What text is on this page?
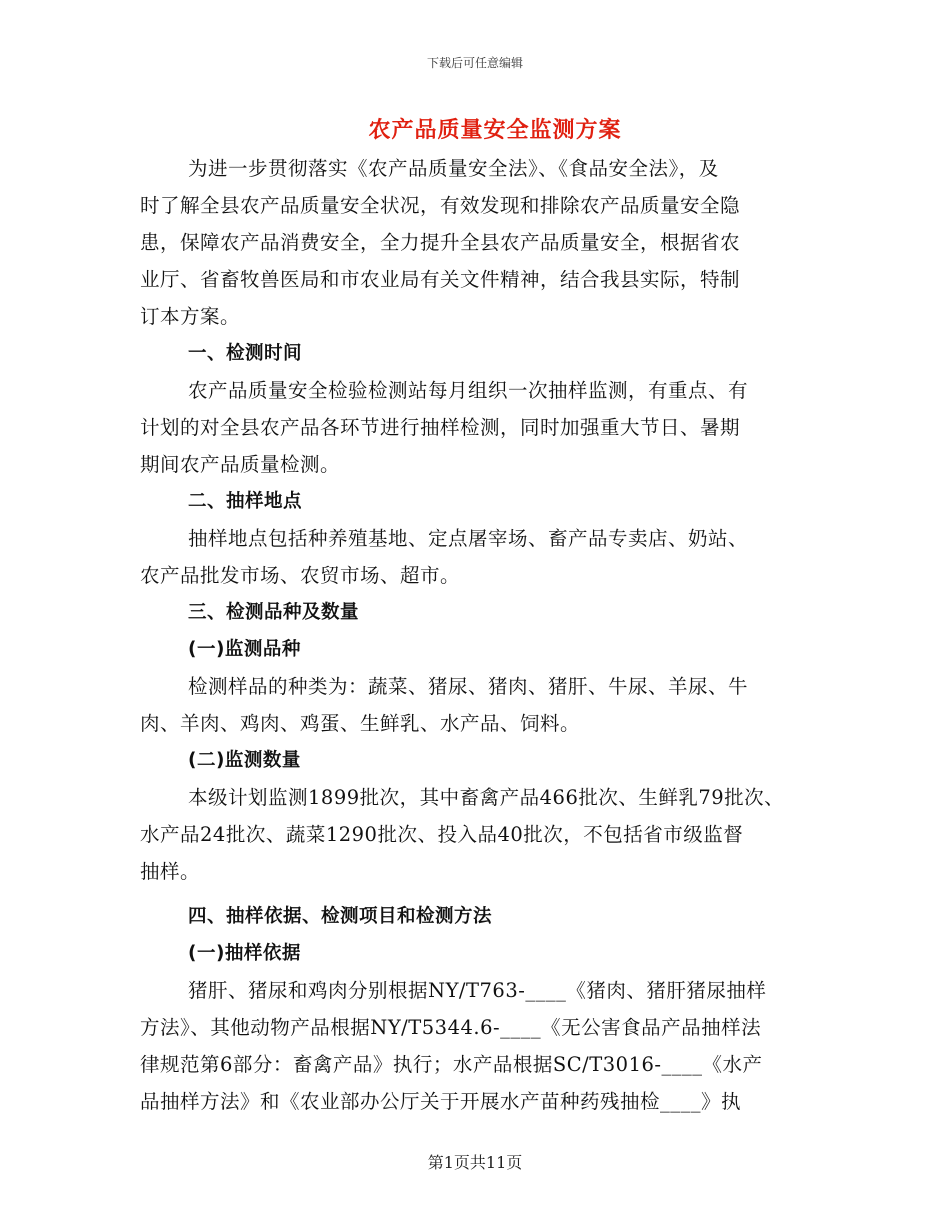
下载后可任意编辑
农产品质量安全监测方案
为进一步贯彻落实《农产品质量安全法》、《食品安全法》，及
时了解全县农产品质量安全状况，有效发现和排除农产品质量安全隐
患，保障农产品消费安全，全力提升全县农产品质量安全，根据省农
业厅、省畜牧兽医局和市农业局有关文件精神，结合我县实际，特制
订本方案。
一、检测时间
农产品质量安全检验检测站每月组织一次抽样监测，有重点、有
计划的对全县农产品各环节进行抽样检测，同时加强重大节日、暑期
期间农产品质量检测。
二、抽样地点
抽样地点包括种养殖基地、定点屠宰场、畜产品专卖店、奶站、
农产品批发市场、农贸市场、超市。
三、检测品种及数量
(一)监测品种
检测样品的种类为：蔬菜、猪尿、猪肉、猪肝、牛尿、羊尿、牛
肉、羊肉、鸡肉、鸡蛋、生鲜乳、水产品、饲料。
(二)监测数量
本级计划监测1899批次，其中畜禽产品466批次、生鲜乳79批次、
水产品24批次、蔬菜1290批次、投入品40批次，不包括省市级监督
抽样。
四、抽样依据、检测项目和检测方法
(一)抽样依据
猪肝、猪尿和鸡肉分别根据NY/T763-____《猪肉、猪肝猪尿抽样
方法》、其他动物产品根据NY/T5344.6-____《无公害食品产品抽样法
律规范第6部分：畜禽产品》执行；水产品根据SC/T3016-____《水产
品抽样方法》和《农业部办公厅关于开展水产苗种药残抽检____》执
第1页共11页
